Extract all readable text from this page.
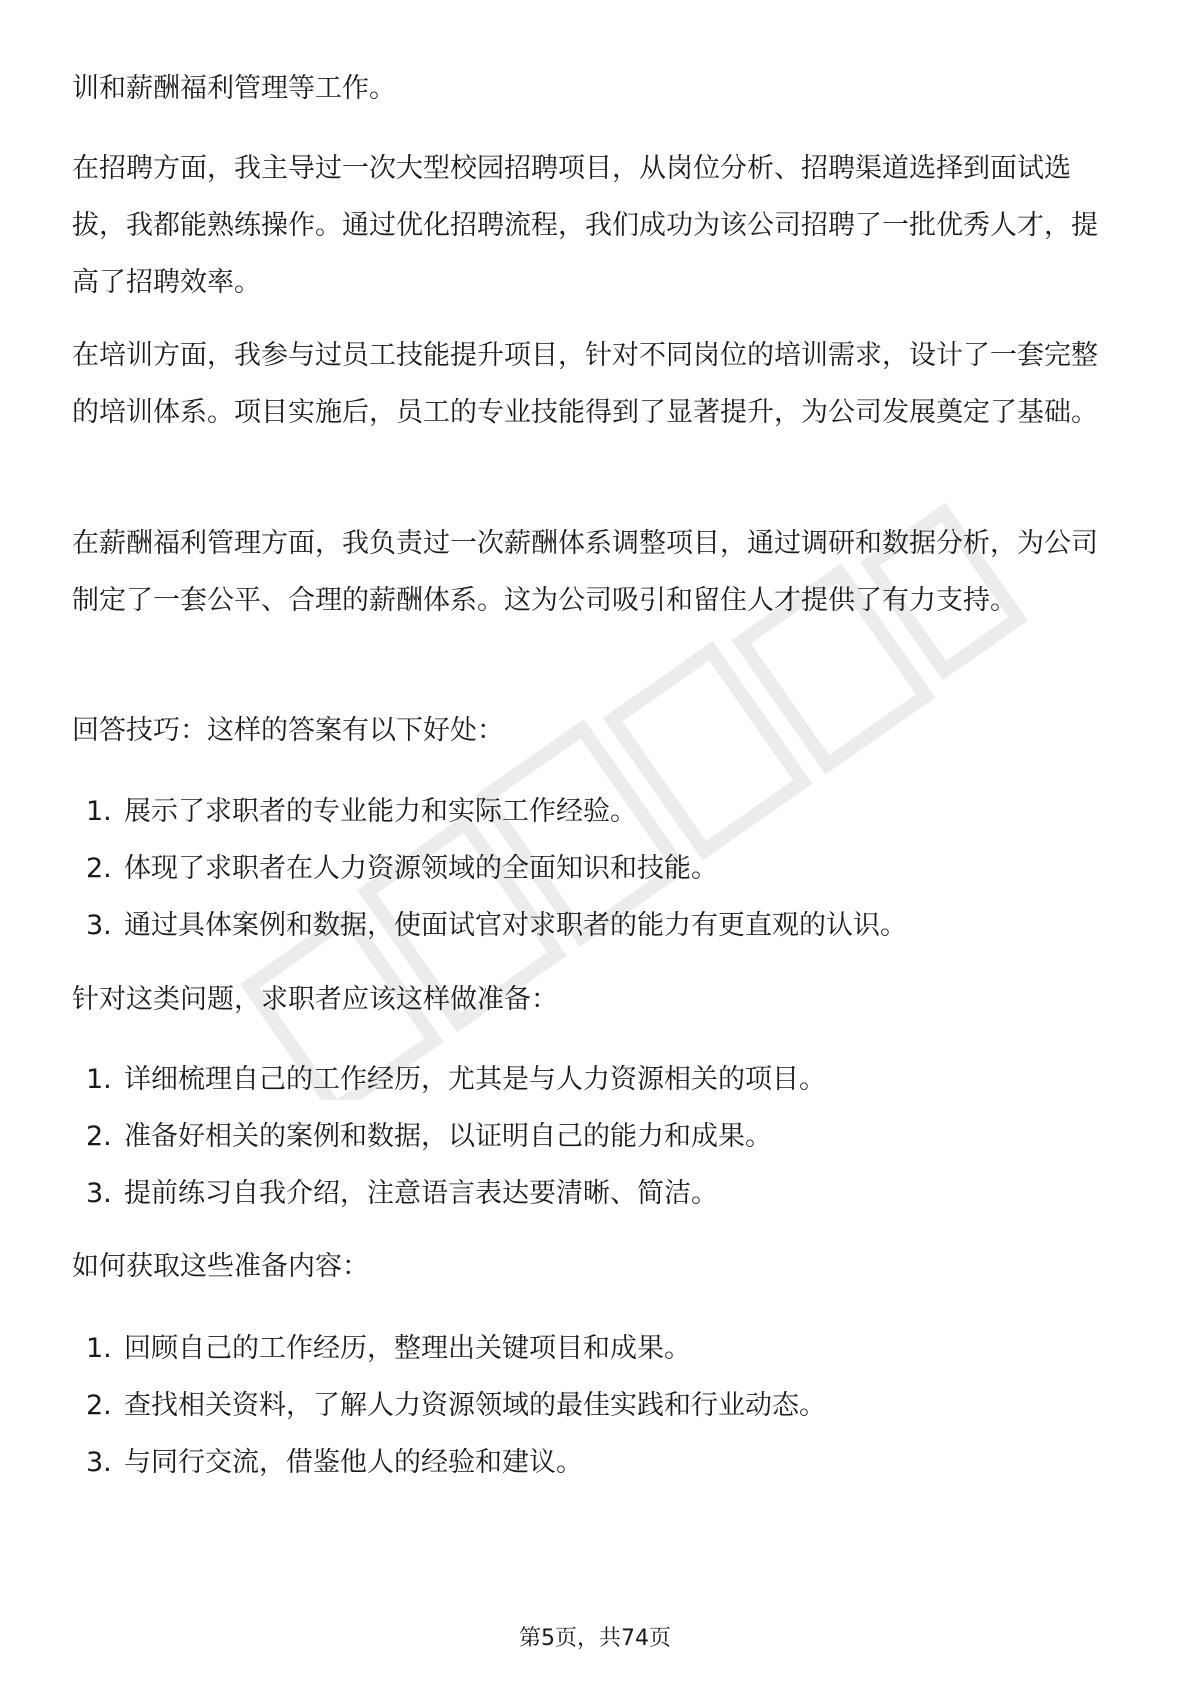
训和薪酬福利管理等工作。

在招聘方面，我主导过一次大型校园招聘项目，从岗位分析、招聘渠道选择到面试选拔，我都能熟练操作。通过优化招聘流程，我们成功为该公司招聘了一批优秀人才，提高了招聘效率。

在培训方面，我参与过员工技能提升项目，针对不同岗位的培训需求，设计了一套完整的培训体系。项目实施后，员工的专业技能得到了显著提升，为公司发展奠定了基础。

在薪酬福利管理方面，我负责过一次薪酬体系调整项目，通过调研和数据分析，为公司制定了一套公平、合理的薪酬体系。这为公司吸引和留住人才提供了有力支持。

回答技巧：这样的答案有以下好处：

1. 展示了求职者的专业能力和实际工作经验。
2. 体现了求职者在人力资源领域的全面知识和技能。
3. 通过具体案例和数据，使面试官对求职者的能力有更直观的认识。

针对这类问题，求职者应该这样做准备：

1. 详细梳理自己的工作经历，尤其是与人力资源相关的项目。
2. 准备好相关的案例和数据，以证明自己的能力和成果。
3. 提前练习自我介绍，注意语言表达要清晰、简洁。

如何获取这些准备内容：

1. 回顾自己的工作经历，整理出关键项目和成果。
2. 查找相关资料，了解人力资源领域的最佳实践和行业动态。
3. 与同行交流，借鉴他人的经验和建议。
第5页，共74页
